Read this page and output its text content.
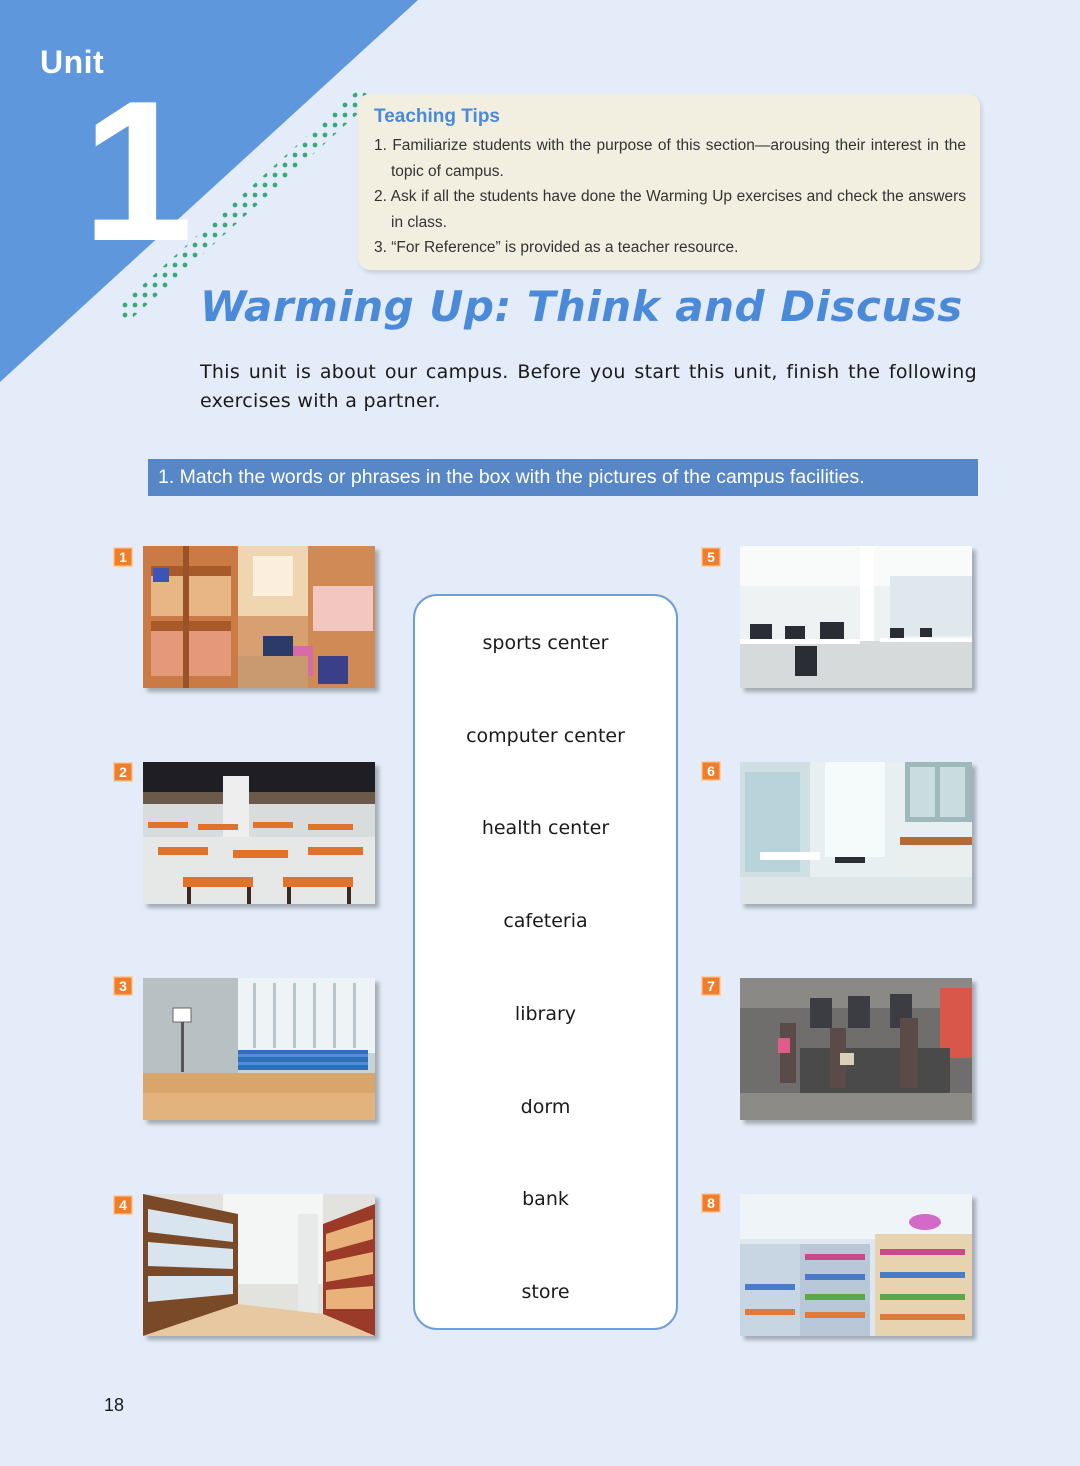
Unit
1	Teaching Tips
1. Familiarize students with the purpose of this section—arousing their interest in the topic of campus.
2. Ask if all the students have done the Warming Up exercises and check the answers in class.
3. “For Reference” is provided as a teacher resource.
Warming Up: Think and Discuss

This unit is about our campus. Before you start this unit, finish the following exercises with a partner.

1. Match the words or phrases in the box with the pictures of the campus facilities.
1
2
3
4
5
6
7
8
sports center
computer center
health center
cafeteria
library
dorm
bank
store
18
